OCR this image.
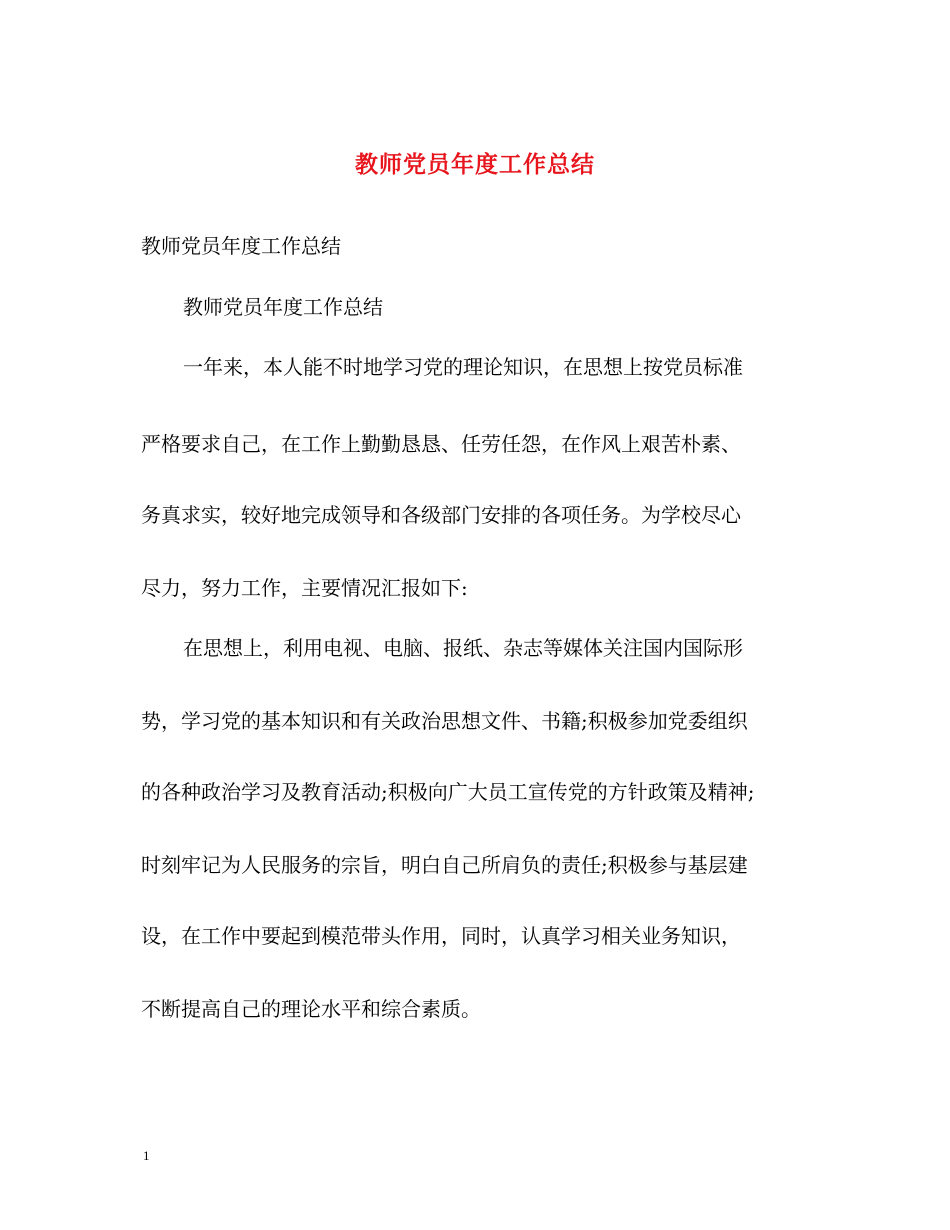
教师党员年度工作总结
教师党员年度工作总结
教师党员年度工作总结
一年来，本人能不时地学习党的理论知识，在思想上按党员标准
严格要求自己，在工作上勤勤恳恳、任劳任怨，在作风上艰苦朴素、
务真求实，较好地完成领导和各级部门安排的各项任务。为学校尽心
尽力，努力工作，主要情况汇报如下:
在思想上，利用电视、电脑、报纸、杂志等媒体关注国内国际形
势，学习党的基本知识和有关政治思想文件、书籍;积极参加党委组织
的各种政治学习及教育活动;积极向广大员工宣传党的方针政策及精神;
时刻牢记为人民服务的宗旨，明白自己所肩负的责任;积极参与基层建
设，在工作中要起到模范带头作用，同时，认真学习相关业务知识，
不断提高自己的理论水平和综合素质。
1
